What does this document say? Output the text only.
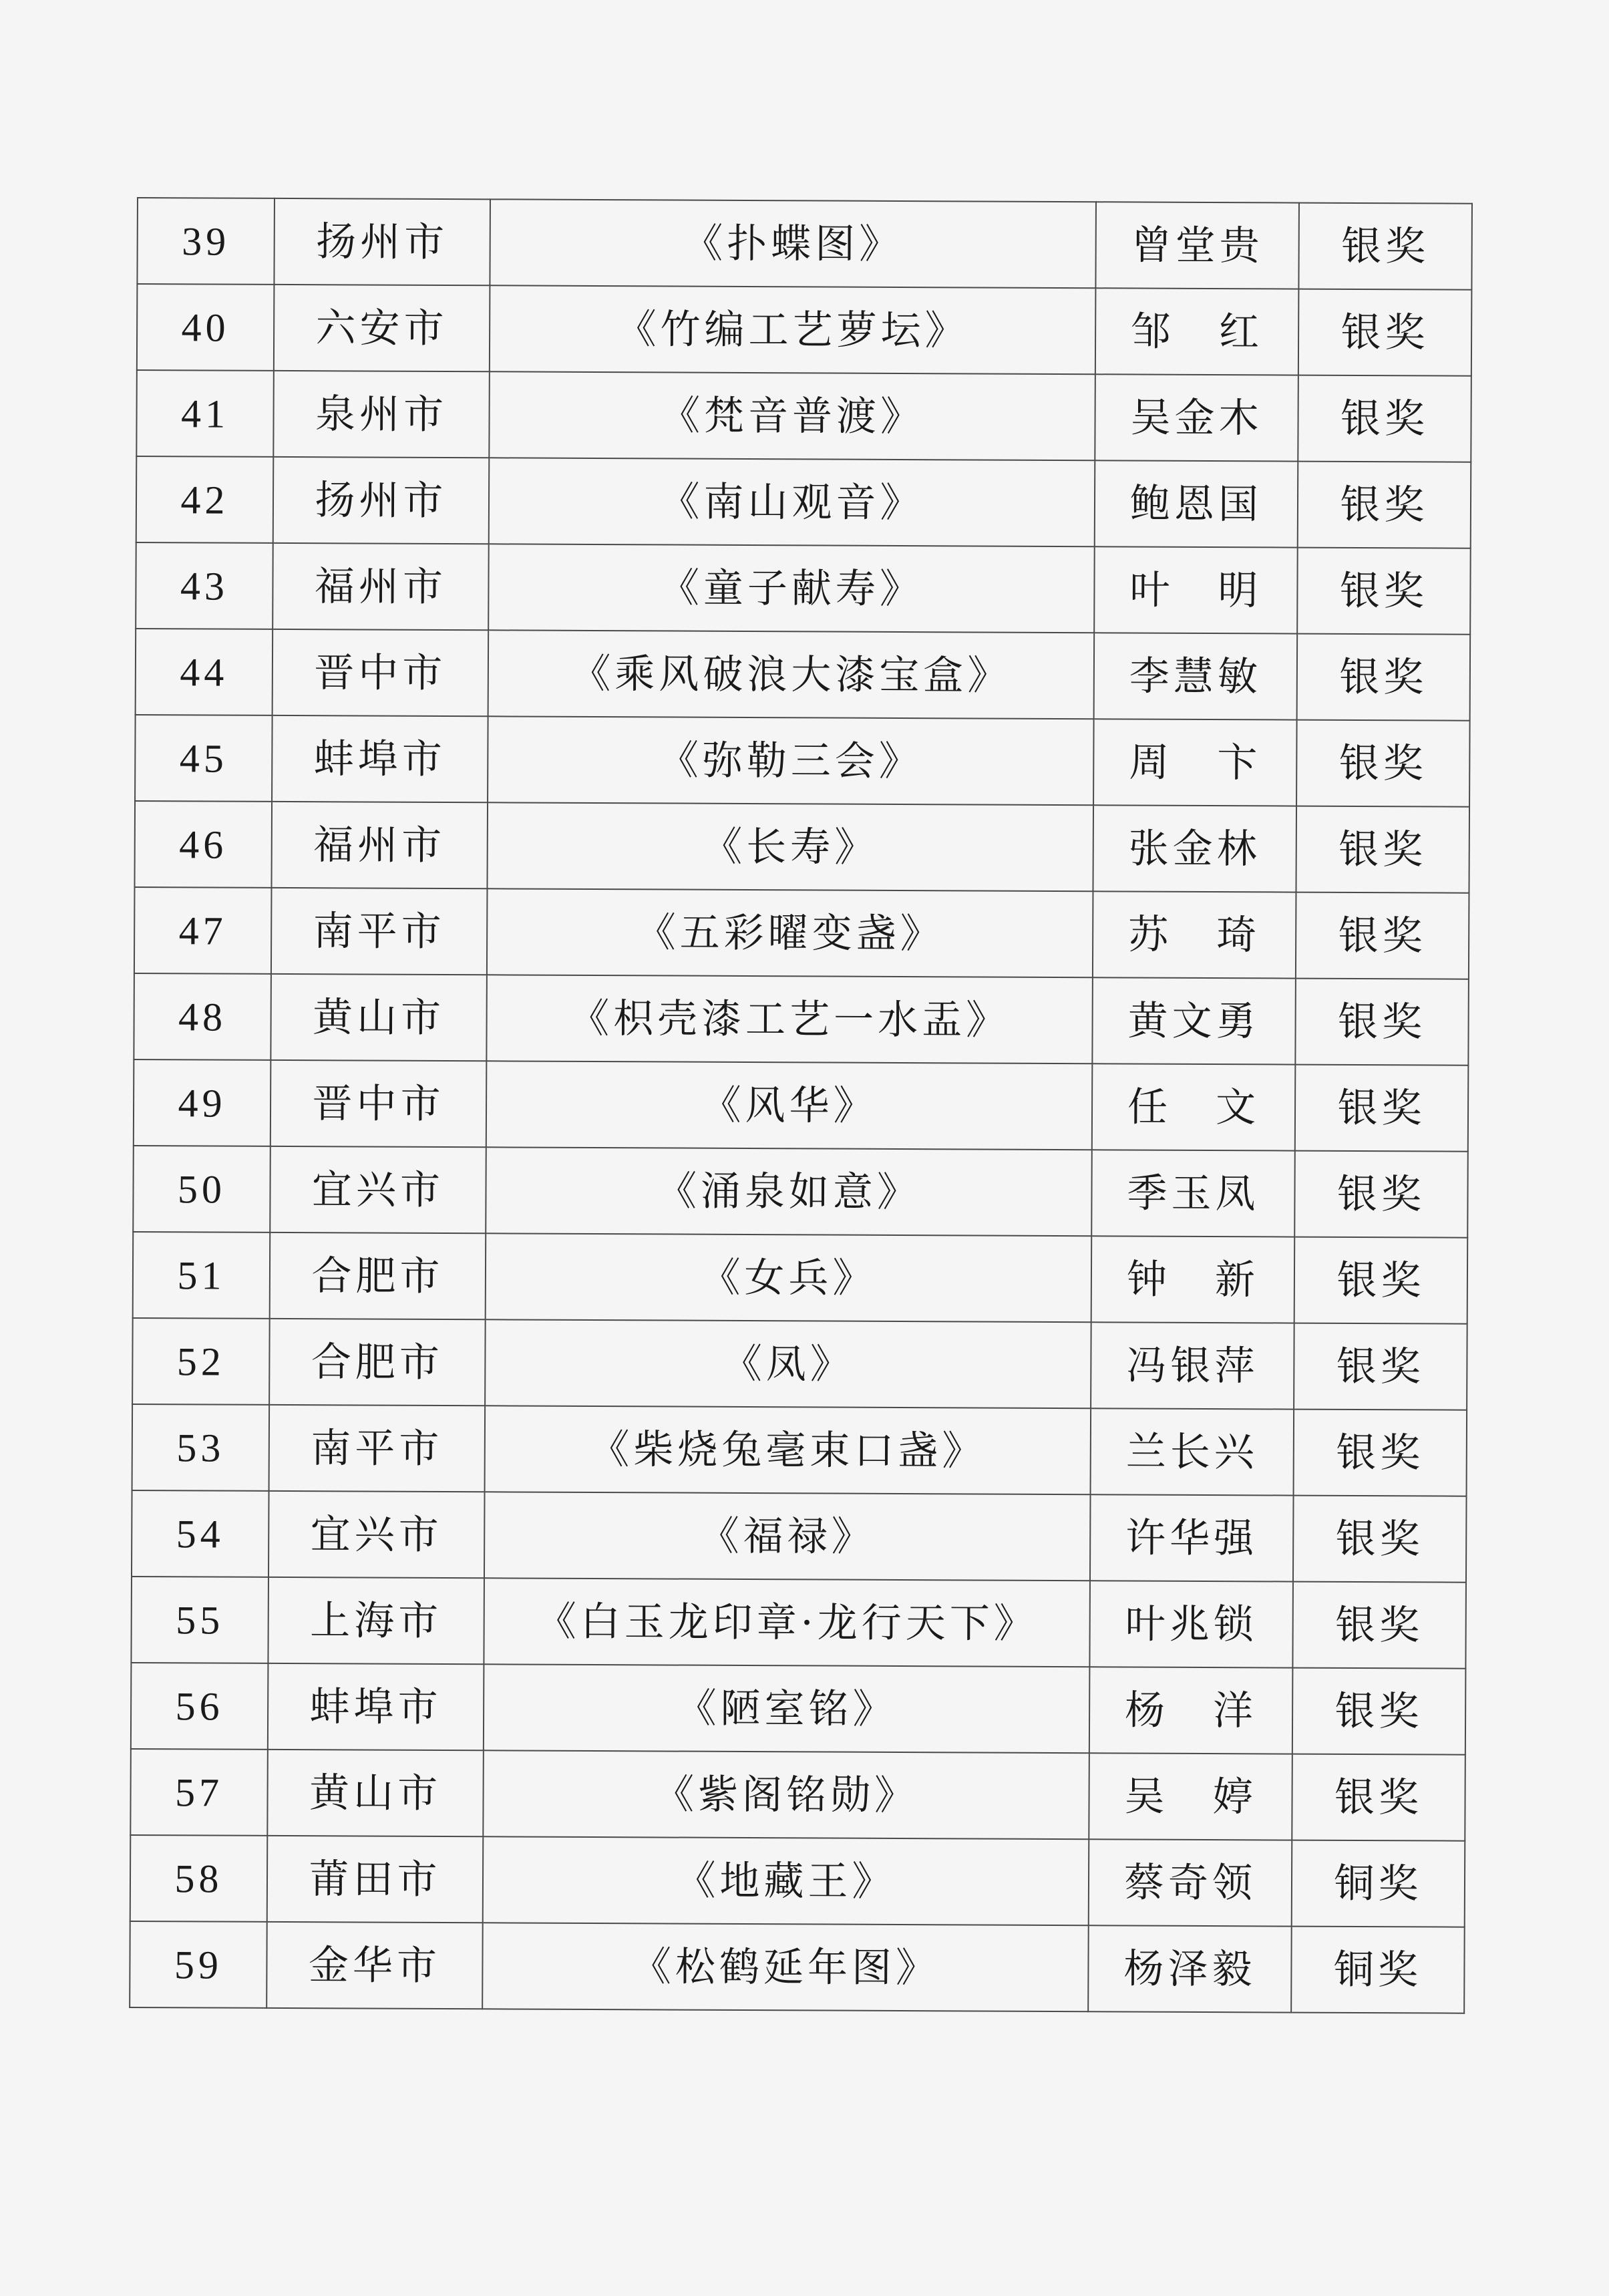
39	扬州市	《扑蝶图》	曾堂贵	银奖
40	六安市	《竹编工艺萝坛》	邹　红	银奖
41	泉州市	《梵音普渡》	吴金木	银奖
42	扬州市	《南山观音》	鲍恩国	银奖
43	福州市	《童子献寿》	叶　明	银奖
44	晋中市	《乘风破浪大漆宝盒》	李慧敏	银奖
45	蚌埠市	《弥勒三会》	周　卞	银奖
46	福州市	《长寿》	张金林	银奖
47	南平市	《五彩曜变盏》	苏　琦	银奖
48	黄山市	《枳壳漆工艺一水盂》	黄文勇	银奖
49	晋中市	《风华》	任　文	银奖
50	宜兴市	《涌泉如意》	季玉凤	银奖
51	合肥市	《女兵》	钟　新	银奖
52	合肥市	《凤》	冯银萍	银奖
53	南平市	《柴烧兔毫束口盏》	兰长兴	银奖
54	宜兴市	《福禄》	许华强	银奖
55	上海市	《白玉龙印章·龙行天下》	叶兆锁	银奖
56	蚌埠市	《陋室铭》	杨　洋	银奖
57	黄山市	《紫阁铭勋》	吴　婷	银奖
58	莆田市	《地藏王》	蔡奇领	铜奖
59	金华市	《松鹤延年图》	杨泽毅	铜奖
